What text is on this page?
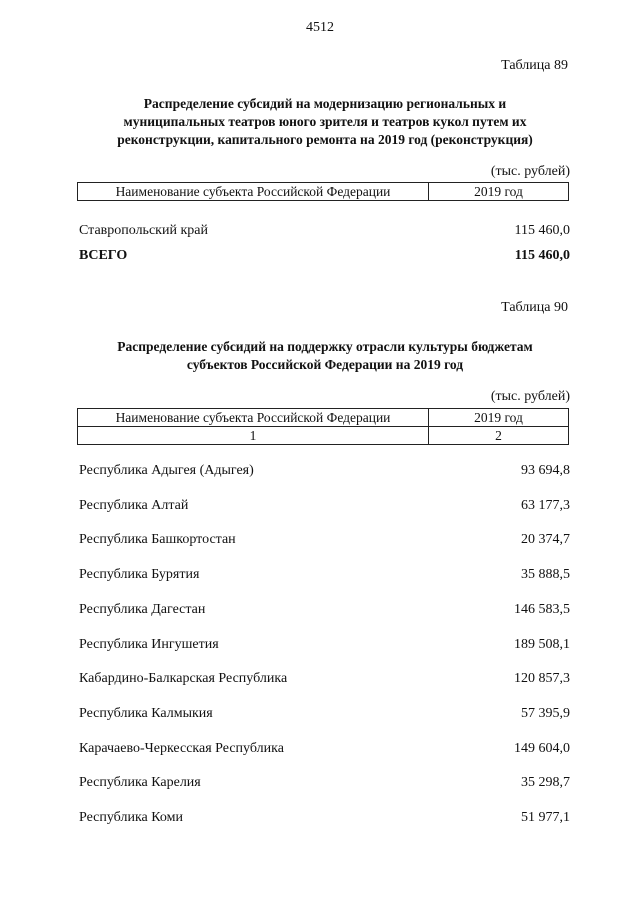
4512
Таблица 89
Распределение субсидий на модернизацию региональных и
муниципальных театров юного зрителя и театров кукол путем их
реконструкции, капитального ремонта на 2019 год (реконструкция)
(тыс. рублей)
Наименование субъекта Российской Федерации	2019 год
Ставропольский край	115 460,0
ВСЕГО	115 460,0
Таблица 90
Распределение субсидий на поддержку отрасли культуры бюджетам
субъектов Российской Федерации на 2019 год
(тыс. рублей)
Наименование субъекта Российской Федерации	2019 год
1	2
Республика Адыгея (Адыгея)	93 694,8
Республика Алтай	63 177,3
Республика Башкортостан	20 374,7
Республика Бурятия	35 888,5
Республика Дагестан	146 583,5
Республика Ингушетия	189 508,1
Кабардино-Балкарская Республика	120 857,3
Республика Калмыкия	57 395,9
Карачаево-Черкесская Республика	149 604,0
Республика Карелия	35 298,7
Республика Коми	51 977,1
